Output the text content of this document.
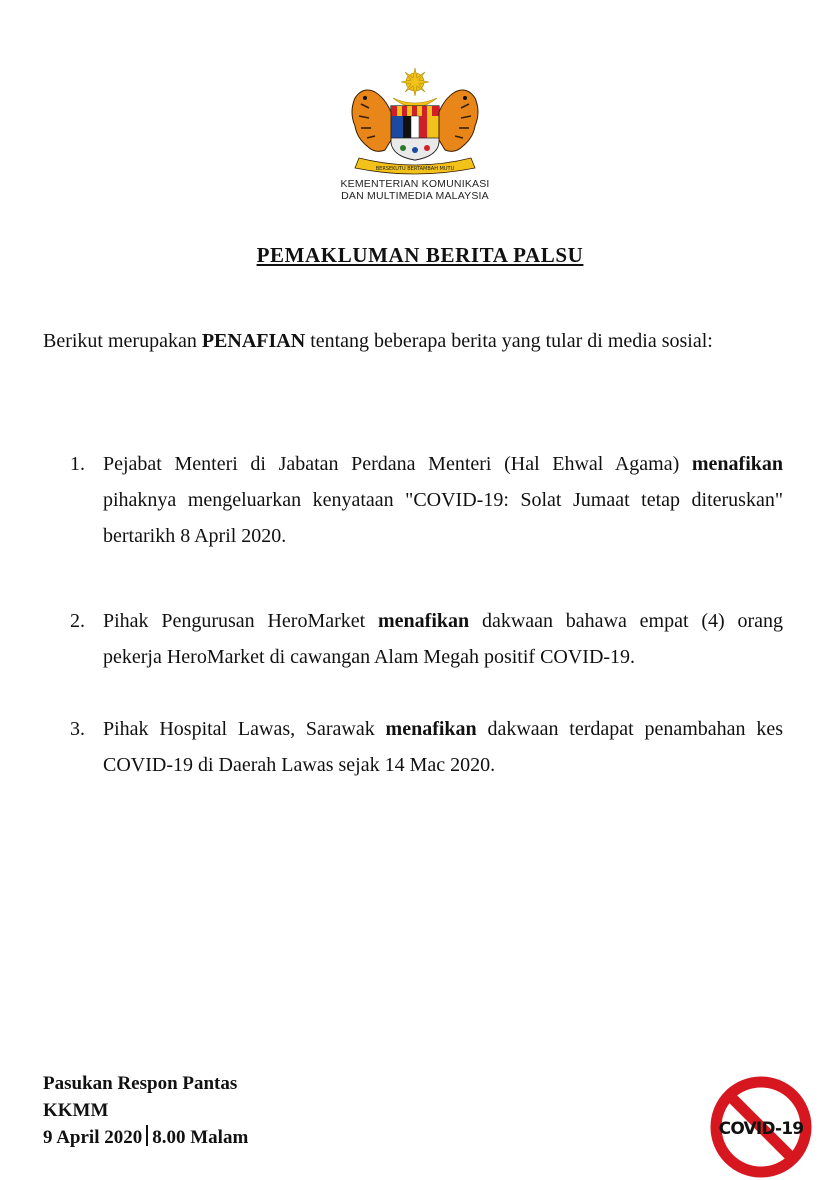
BERSEKUTU BERTAMBAH MUTU
KEMENTERIAN KOMUNIKASI
DAN MULTIMEDIA MALAYSIA
PEMAKLUMAN BERITA PALSU
Berikut merupakan PENAFIAN tentang beberapa berita yang tular di media sosial:
1. Pejabat Menteri di Jabatan Perdana Menteri (Hal Ehwal Agama) menafikan pihaknya mengeluarkan kenyataan "COVID-19: Solat Jumaat tetap diteruskan" bertarikh 8 April 2020.
2. Pihak Pengurusan HeroMarket menafikan dakwaan bahawa empat (4) orang pekerja HeroMarket di cawangan Alam Megah positif COVID-19.
3. Pihak Hospital Lawas, Sarawak menafikan dakwaan terdapat penambahan kes COVID-19 di Daerah Lawas sejak 14 Mac 2020.
Pasukan Respon Pantas
KKMM
9 April 2020 8.00 Malam	COVID-19
